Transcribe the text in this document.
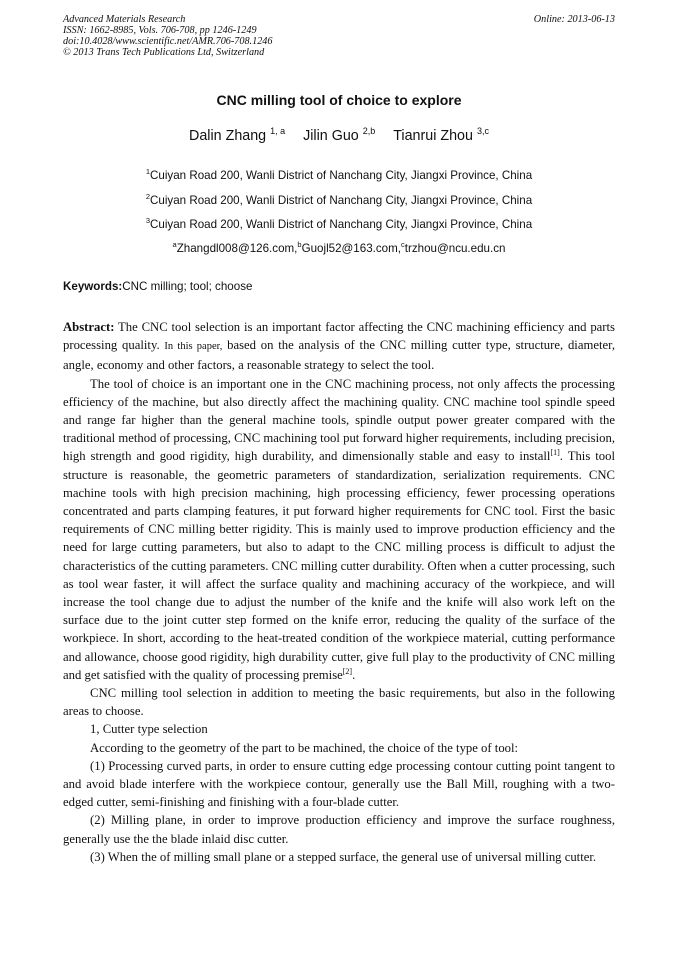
Advanced Materials Research
ISSN: 1662-8985, Vols. 706-708, pp 1246-1249
doi:10.4028/www.scientific.net/AMR.706-708.1246
© 2013 Trans Tech Publications Ltd, Switzerland
Online: 2013-06-13
CNC milling tool of choice to explore
Dalin Zhang $^{1, a}$ Jilin Guo $^{2,b}$ Tianrui Zhou $^{3,c}$
$^1$Cuiyan Road 200, Wanli District of Nanchang City, Jiangxi Province, China
$^2$Cuiyan Road 200, Wanli District of Nanchang City, Jiangxi Province, China
$^3$Cuiyan Road 200, Wanli District of Nanchang City, Jiangxi Province, China
$^a$Zhangdl008@126.com,$^b$Guojl52@163.com,$^c$trzhou@ncu.edu.cn
Keywords:CNC milling; tool; choose

Abstract: The CNC tool selection is an important factor affecting the CNC machining efficiency and parts processing quality. In this paper, based on the analysis of the CNC milling cutter type, structure, diameter, angle, economy and other factors, a reasonable strategy to select the tool.

The tool of choice is an important one in the CNC machining process, not only affects the processing efficiency of the machine, but also directly affect the machining quality. CNC machine tool spindle speed and range far higher than the general machine tools, spindle output power greater compared with the traditional method of processing, CNC machining tool put forward higher requirements, including precision, high strength and good rigidity, high durability, and dimensionally stable and easy to install[1]. This tool structure is reasonable, the geometric parameters of standardization, serialization requirements. CNC machine tools with high precision machining, high processing efficiency, fewer processing operations concentrated and parts clamping features, it put forward higher requirements for CNC tool. First the basic requirements of CNC milling better rigidity. This is mainly used to improve production efficiency and the need for large cutting parameters, but also to adapt to the CNC milling process is difficult to adjust the characteristics of the cutting parameters. CNC milling cutter durability. Often when a cutter processing, such as tool wear faster, it will affect the surface quality and machining accuracy of the workpiece, and will increase the tool change due to adjust the number of the knife and the knife will also work left on the surface due to the joint cutter step formed on the knife error, reducing the quality of the surface of the workpiece. In short, according to the heat-treated condition of the workpiece material, cutting performance and allowance, choose good rigidity, high durability cutter, give full play to the productivity of CNC milling and get satisfied with the quality of processing premise[2].

CNC milling tool selection in addition to meeting the basic requirements, but also in the following areas to choose.

1, Cutter type selection

According to the geometry of the part to be machined, the choice of the type of tool:

(1) Processing curved parts, in order to ensure cutting edge processing contour cutting point tangent to and avoid blade interfere with the workpiece contour, generally use the Ball Mill, roughing with a two-edged cutter, semi-finishing and finishing with a four-blade cutter.

(2) Milling plane, in order to improve production efficiency and improve the surface roughness, generally use the the blade inlaid disc cutter.

(3) When the of milling small plane or a stepped surface, the general use of universal milling cutter.
